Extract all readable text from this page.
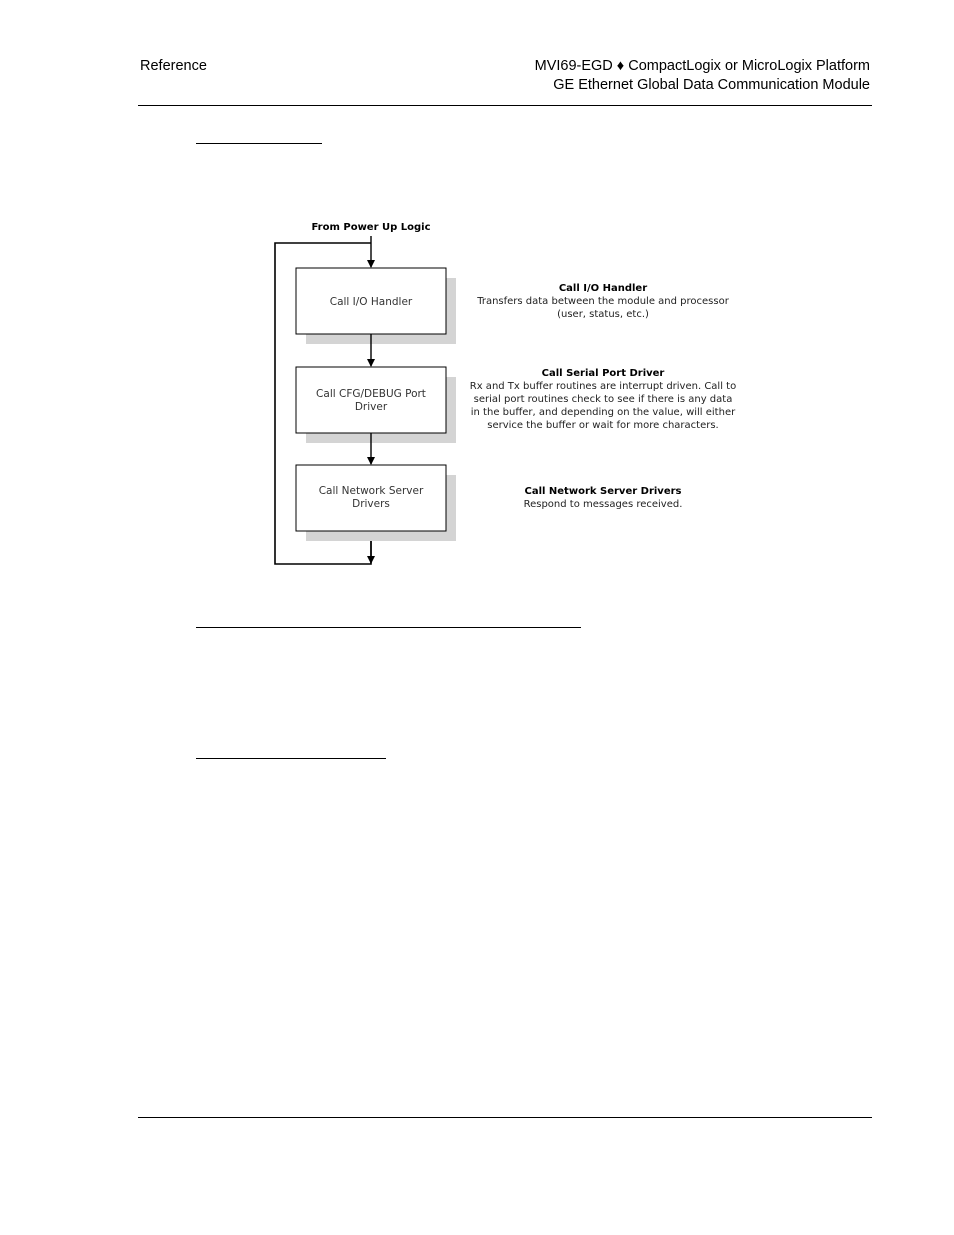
Reference	MVI69-EGD ♦ CompactLogix or MicroLogix Platform
GE Ethernet Global Data Communication Module
From Power Up Logic
Call I/O Handler
Call CFG/DEBUG Port
Driver
Call Network Server
Drivers
Call I/O Handler
Transfers data between the module and processor
(user, status, etc.)
Call Serial Port Driver
Rx and Tx buffer routines are interrupt driven. Call to
serial port routines check to see if there is any data
in the buffer, and depending on the value, will either
service the buffer or wait for more characters.
Call Network Server Drivers
Respond to messages received.
